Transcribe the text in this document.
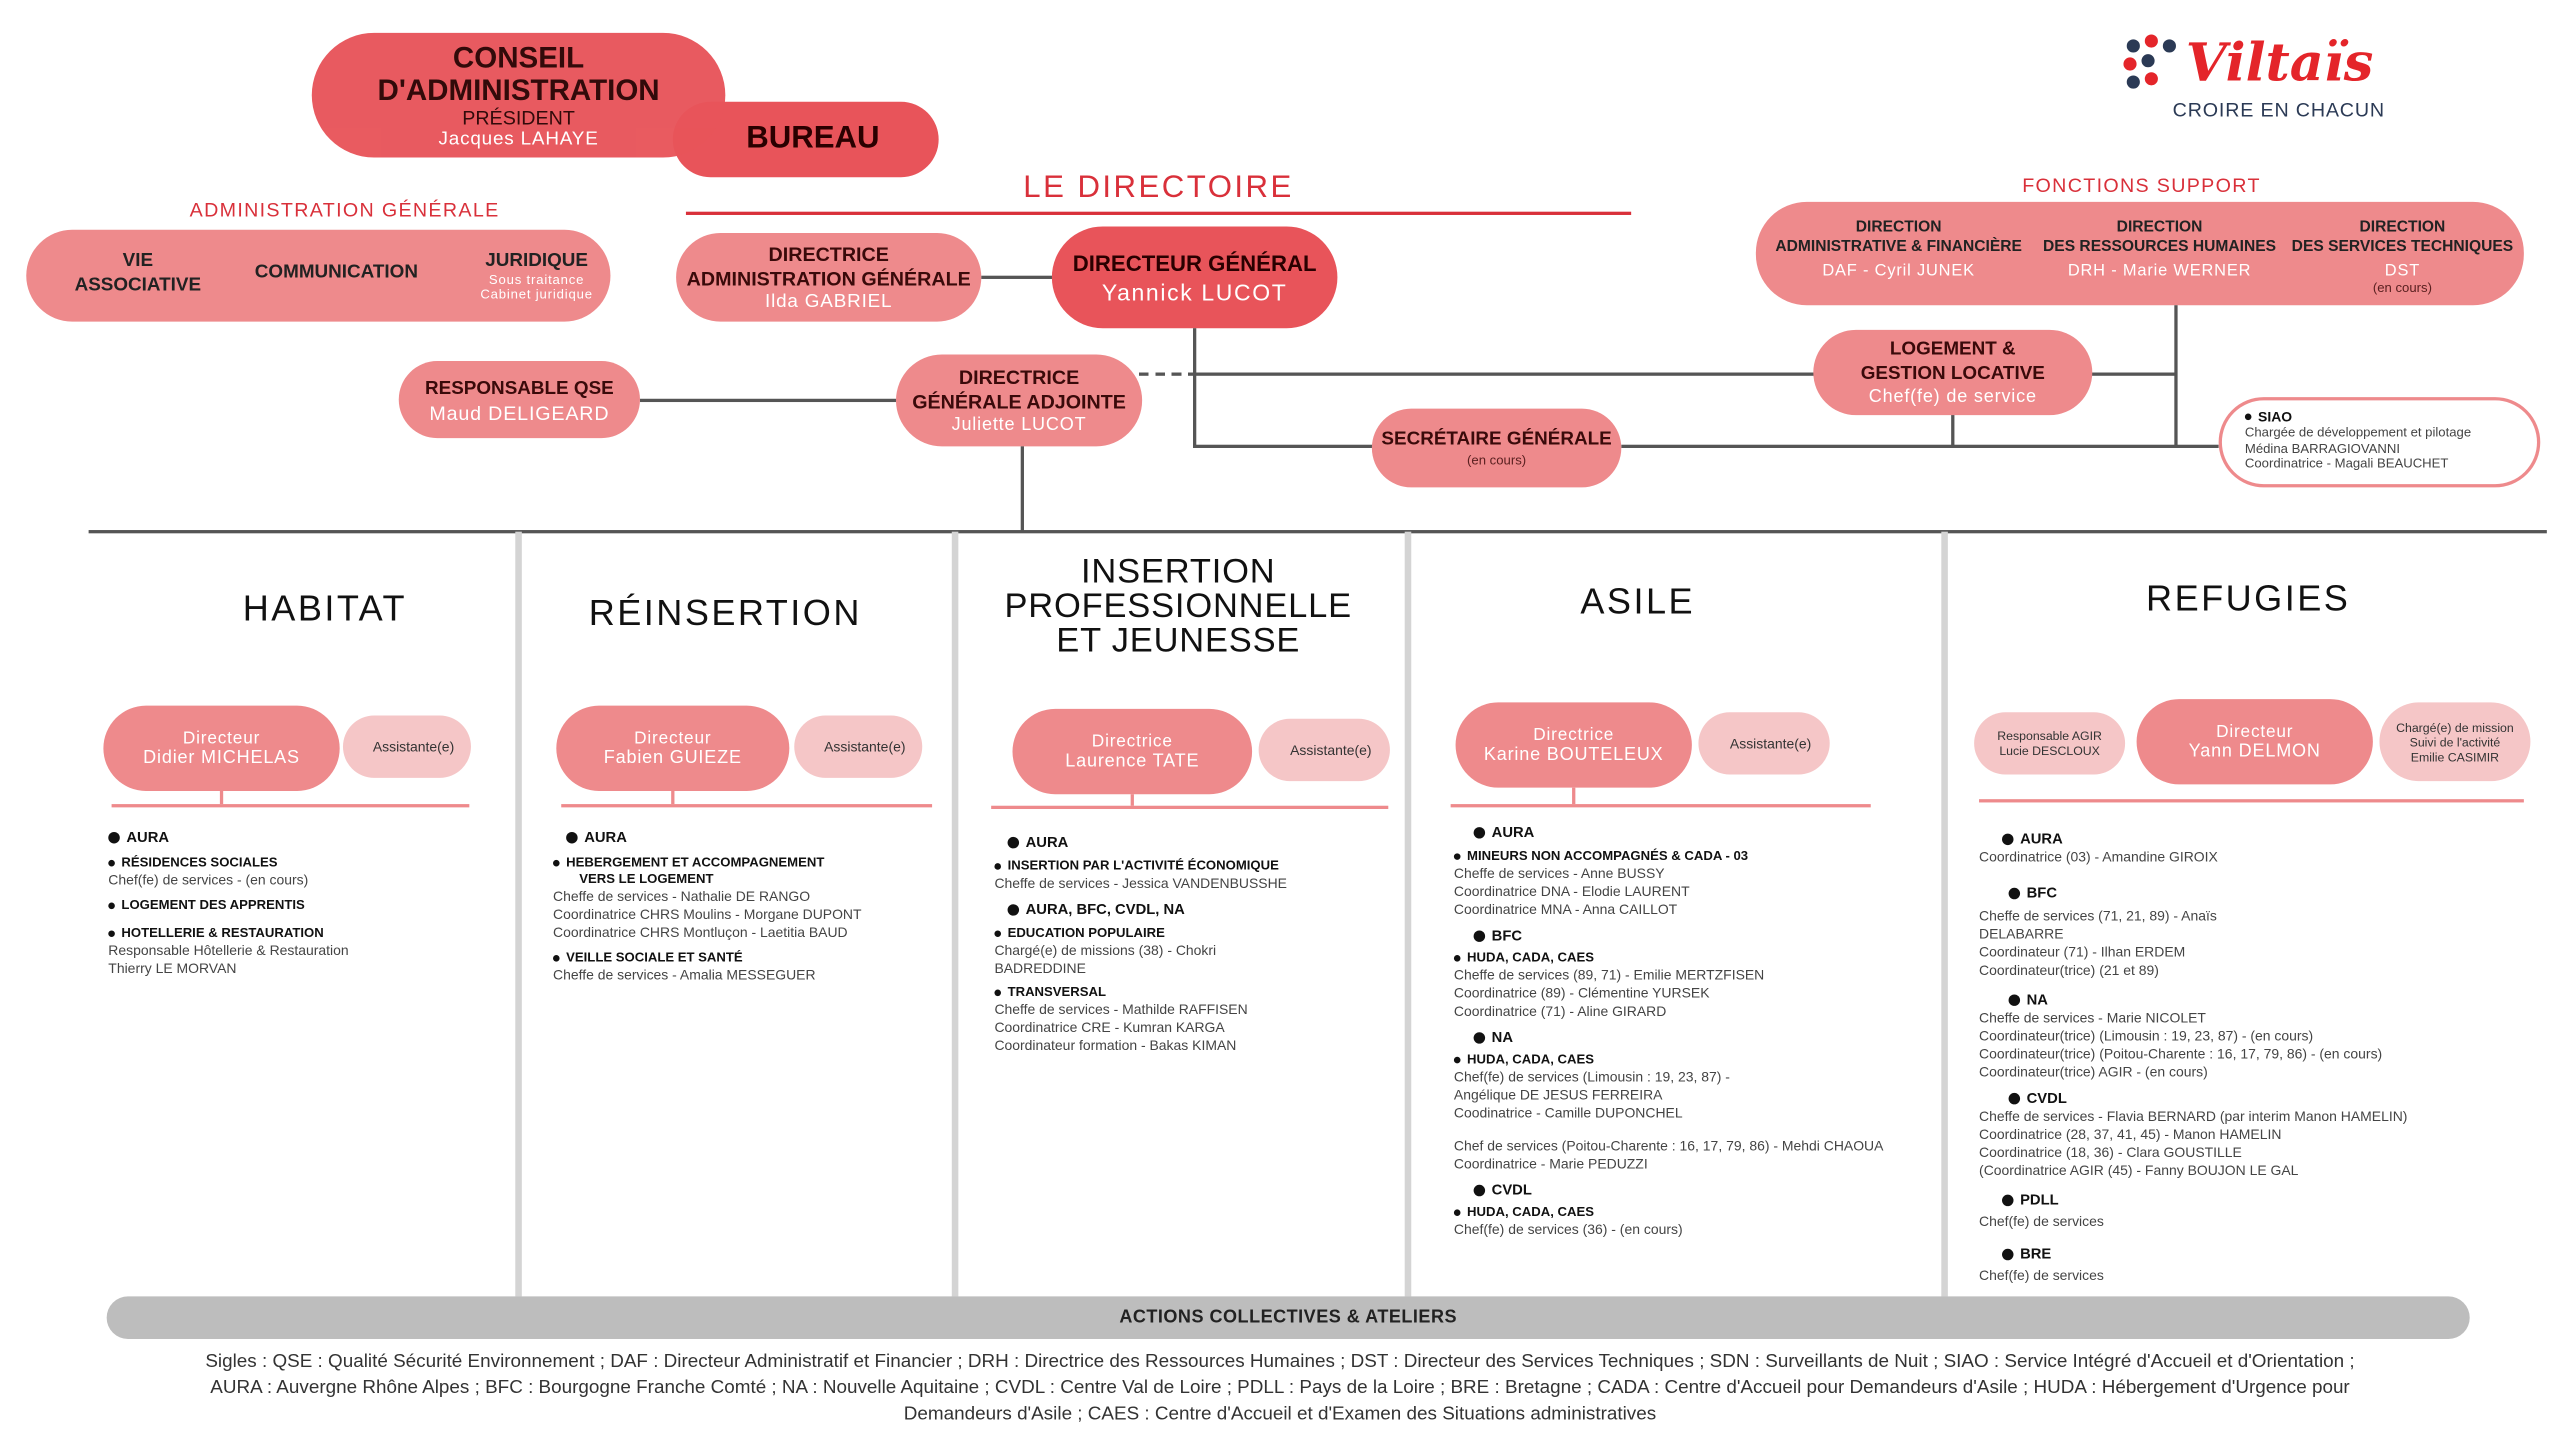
Viltaïs
CROIRE EN CHACUN
BUREAU
CONSEIL
D'ADMINISTRATION
PRÉSIDENT
Jacques LAHAYE
LE DIRECTOIRE
ADMINISTRATION GÉNÉRALE
VIE
ASSOCIATIVE
COMMUNICATION
JURIDIQUE
Sous traitance
Cabinet juridique
DIRECTRICE
ADMINISTRATION GÉNÉRALE
Ilda GABRIEL
DIRECTEUR GÉNÉRAL
Yannick LUCOT
FONCTIONS SUPPORT
DIRECTION
ADMINISTRATIVE & FINANCIÈRE
DAF - Cyril JUNEK
DIRECTION
DES RESSOURCES HUMAINES
DRH - Marie WERNER
DIRECTION
DES SERVICES TECHNIQUES
DST
(en cours)
RESPONSABLE QSE
Maud DELIGEARD
DIRECTRICE
GÉNÉRALE ADJOINTE
Juliette LUCOT
SECRÉTAIRE GÉNÉRALE
(en cours)
LOGEMENT &
GESTION LOCATIVE
Chef(fe) de service
SIAO
Chargée de développement et pilotage
Médina BARRAGIOVANNI
Coordinatrice - Magali BEAUCHET
HABITAT
Assistante(e)
Directeur
Didier MICHELAS
AURA
RÉSIDENCES SOCIALES
Chef(fe) de services - (en cours)
LOGEMENT DES APPRENTIS
HOTELLERIE & RESTAURATION
Responsable Hôtellerie & Restauration
Thierry LE MORVAN
RÉINSERTION
Assistante(e)
Directeur
Fabien GUIEZE
AURA
HEBERGEMENT ET ACCOMPAGNEMENT
VERS LE LOGEMENT
Cheffe de services - Nathalie DE RANGO
Coordinatrice CHRS Moulins - Morgane DUPONT
Coordinatrice CHRS Montluçon - Laetitia BAUD
VEILLE SOCIALE ET SANTÉ
Cheffe de services - Amalia MESSEGUER
INSERTION
PROFESSIONNELLE
ET JEUNESSE
Assistante(e)
Directrice
Laurence TATE
AURA
INSERTION PAR L'ACTIVITÉ ÉCONOMIQUE
Cheffe de services - Jessica VANDENBUSSHE
AURA, BFC, CVDL, NA
EDUCATION POPULAIRE
Chargé(e) de missions (38) - Chokri
BADREDDINE
TRANSVERSAL
Cheffe de services - Mathilde RAFFISEN
Coordinatrice CRE - Kumran KARGA
Coordinateur formation - Bakas KIMAN
ASILE
Assistante(e)
Directrice
Karine BOUTELEUX
AURA
MINEURS NON ACCOMPAGNÉS & CADA - 03
Cheffe de services - Anne BUSSY
Coordinatrice DNA - Elodie LAURENT
Coordinatrice MNA - Anna CAILLOT
BFC
HUDA, CADA, CAES
Cheffe de services (89, 71) - Emilie MERTZFISEN
Coordinatrice (89) - Clémentine YURSEK
Coordinatrice (71) - Aline GIRARD
NA
HUDA, CADA, CAES
Chef(fe) de services (Limousin : 19, 23, 87) -
Angélique DE JESUS FERREIRA
Coodinatrice - Camille DUPONCHEL
Chef de services (Poitou-Charente : 16, 17, 79, 86) - Mehdi CHAOUA
Coordinatrice - Marie PEDUZZI
CVDL
HUDA, CADA, CAES
Chef(fe) de services (36) - (en cours)
REFUGIES
Responsable AGIR
Lucie DESCLOUX
Chargé(e) de mission
Suivi de l'activité
Emilie CASIMIR
Directeur
Yann DELMON
AURA
Coordinatrice (03) - Amandine GIROIX
BFC
Cheffe de services (71, 21, 89) - Anaïs
DELABARRE
Coordinateur (71) - Ilhan ERDEM
Coordinateur(trice) (21 et 89)
NA
Cheffe de services - Marie NICOLET
Coordinateur(trice) (Limousin : 19, 23, 87) - (en cours)
Coordinateur(trice) (Poitou-Charente : 16, 17, 79, 86) - (en cours)
Coordinateur(trice) AGIR - (en cours)
CVDL
Cheffe de services - Flavia BERNARD (par interim Manon HAMELIN)
Coordinatrice (28, 37, 41, 45) - Manon HAMELIN
Coordinatrice (18, 36) - Clara GOUSTILLE
(Coordinatrice AGIR (45) - Fanny BOUJON LE GAL
PDLL
Chef(fe) de services
BRE
Chef(fe) de services
ACTIONS COLLECTIVES & ATELIERS
Sigles : QSE : Qualité Sécurité Environnement ; DAF : Directeur Administratif et Financier ; DRH : Directrice des Ressources Humaines ; DST : Directeur des Services Techniques ; SDN : Surveillants de Nuit ; SIAO : Service Intégré d'Accueil et d'Orientation ;
AURA : Auvergne Rhône Alpes ; BFC : Bourgogne Franche Comté ; NA : Nouvelle Aquitaine ; CVDL : Centre Val de Loire ; PDLL : Pays de la Loire ; BRE : Bretagne ; CADA : Centre d'Accueil pour Demandeurs d'Asile ; HUDA : Hébergement d'Urgence pour
Demandeurs d'Asile ; CAES : Centre d'Accueil et d'Examen des Situations administratives
